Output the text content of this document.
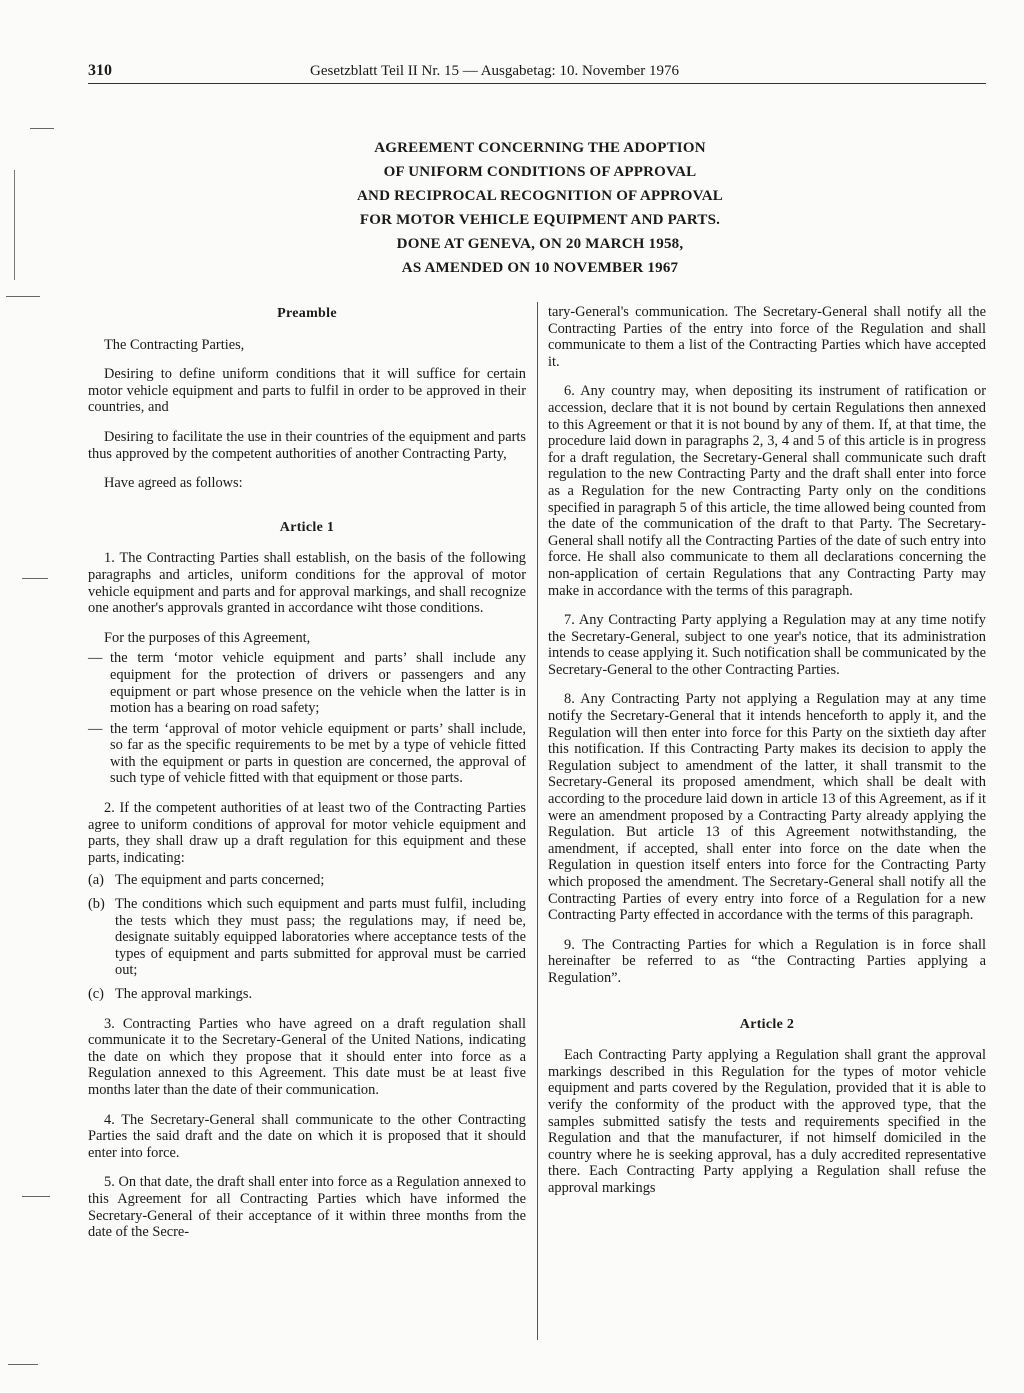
310	Gesetzblatt Teil II Nr. 15 — Ausgabetag: 10. November 1976
AGREEMENT CONCERNING THE ADOPTION
OF UNIFORM CONDITIONS OF APPROVAL
AND RECIPROCAL RECOGNITION OF APPROVAL
FOR MOTOR VEHICLE EQUIPMENT AND PARTS.
DONE AT GENEVA, ON 20 MARCH 1958,
AS AMENDED ON 10 NOVEMBER 1967
Preamble

The Contracting Parties,

Desiring to define uniform conditions that it will suffice for certain motor vehicle equipment and parts to fulfil in order to be approved in their countries, and

Desiring to facilitate the use in their countries of the equipment and parts thus approved by the competent authorities of another Contracting Party,

Have agreed as follows:

Article 1

1. The Contracting Parties shall establish, on the basis of the following paragraphs and articles, uniform conditions for the approval of motor vehicle equipment and parts and for approval markings, and shall recognize one another's approvals granted in accordance wiht those conditions.

For the purposes of this Agreement,

— the term ‘motor vehicle equipment and parts’ shall include any equipment for the protection of drivers or passengers and any equipment or part whose presence on the vehicle when the latter is in motion has a bearing on road safety;
— the term ‘approval of motor vehicle equipment or parts’ shall include, so far as the specific requirements to be met by a type of vehicle fitted with the equipment or parts in question are concerned, the approval of such type of vehicle fitted with that equipment or those parts.

2. If the competent authorities of at least two of the Contracting Parties agree to uniform conditions of approval for motor vehicle equipment and parts, they shall draw up a draft regulation for this equipment and these parts, indicating:

(a) The equipment and parts concerned;
(b) The conditions which such equipment and parts must fulfil, including the tests which they must pass; the regulations may, if need be, designate suitably equipped laboratories where acceptance tests of the types of equipment and parts submitted for approval must be carried out;
(c) The approval markings.

3. Contracting Parties who have agreed on a draft regulation shall communicate it to the Secretary-General of the United Nations, indicating the date on which they propose that it should enter into force as a Regulation annexed to this Agreement. This date must be at least five months later than the date of their communication.

4. The Secretary-General shall communicate to the other Contracting Parties the said draft and the date on which it is proposed that it should enter into force.

5. On that date, the draft shall enter into force as a Regulation annexed to this Agreement for all Contracting Parties which have informed the Secretary-General of their acceptance of it within three months from the date of the Secre-

tary-General's communication. The Secretary-General shall notify all the Contracting Parties of the entry into force of the Regulation and shall communicate to them a list of the Contracting Parties which have accepted it.

6. Any country may, when depositing its instrument of ratification or accession, declare that it is not bound by certain Regulations then annexed to this Agreement or that it is not bound by any of them. If, at that time, the procedure laid down in paragraphs 2, 3, 4 and 5 of this article is in progress for a draft regulation, the Secretary-General shall communicate such draft regulation to the new Contracting Party and the draft shall enter into force as a Regulation for the new Contracting Party only on the conditions specified in paragraph 5 of this article, the time allowed being counted from the date of the communication of the draft to that Party. The Secretary-General shall notify all the Contracting Parties of the date of such entry into force. He shall also communicate to them all declarations concerning the non-application of certain Regulations that any Contracting Party may make in accordance with the terms of this paragraph.

7. Any Contracting Party applying a Regulation may at any time notify the Secretary-General, subject to one year's notice, that its administration intends to cease applying it. Such notification shall be communicated by the Secretary-General to the other Contracting Parties.

8. Any Contracting Party not applying a Regulation may at any time notify the Secretary-General that it intends henceforth to apply it, and the Regulation will then enter into force for this Party on the sixtieth day after this notification. If this Contracting Party makes its decision to apply the Regulation subject to amendment of the latter, it shall transmit to the Secretary-General its proposed amendment, which shall be dealt with according to the procedure laid down in article 13 of this Agreement, as if it were an amendment proposed by a Contracting Party already applying the Regulation. But article 13 of this Agreement notwithstanding, the amendment, if accepted, shall enter into force on the date when the Regulation in question itself enters into force for the Contracting Party which proposed the amendment. The Secretary-General shall notify all the Contracting Parties of every entry into force of a Regulation for a new Contracting Party effected in accordance with the terms of this paragraph.

9. The Contracting Parties for which a Regulation is in force shall hereinafter be referred to as “the Contracting Parties applying a Regulation”.

Article 2

Each Contracting Party applying a Regulation shall grant the approval markings described in this Regulation for the types of motor vehicle equipment and parts covered by the Regulation, provided that it is able to verify the conformity of the product with the approved type, that the samples submitted satisfy the tests and requirements specified in the Regulation and that the manufacturer, if not himself domiciled in the country where he is seeking approval, has a duly accredited representative there. Each Contracting Party applying a Regulation shall refuse the approval markings
